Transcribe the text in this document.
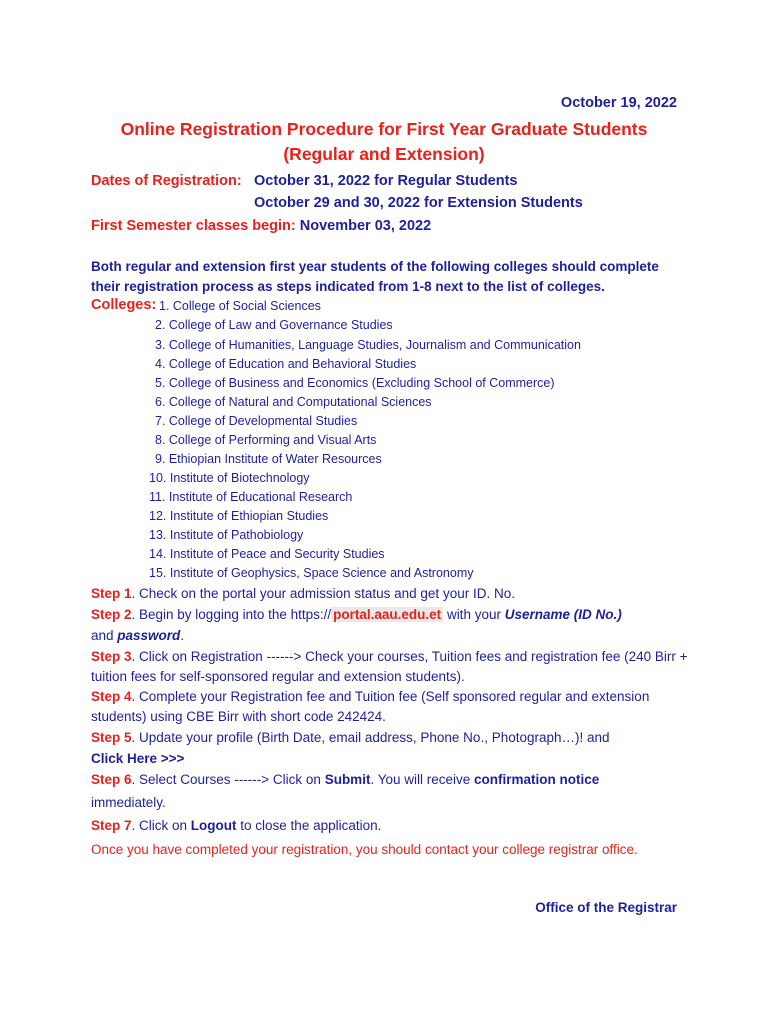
October 19, 2022
Online Registration Procedure for First Year Graduate Students
(Regular and Extension)
Dates of Registration: October 31, 2022 for Regular Students
October 29 and 30, 2022 for Extension Students
First Semester classes begin: November 03, 2022
Both regular and extension first year students of the following colleges should complete their registration process as steps indicated from 1-8 next to the list of colleges.
Colleges: 1. College of Social Sciences
2. College of Law and Governance Studies
3. College of Humanities, Language Studies, Journalism and Communication
4. College of Education and Behavioral Studies
5. College of Business and Economics (Excluding School of Commerce)
6. College of Natural and Computational Sciences
7. College of Developmental Studies
8. College of Performing and Visual Arts
9. Ethiopian Institute of Water Resources
10. Institute of Biotechnology
11. Institute of Educational Research
12. Institute of Ethiopian Studies
13. Institute of Pathobiology
14. Institute of Peace and Security Studies
15. Institute of Geophysics, Space Science and Astronomy
Step 1. Check on the portal your admission status and get your ID. No.
Step 2. Begin by logging into the https:// portal.aau.edu.et with your Username (ID No.)
and password.
Step 3. Click on Registration ------> Check your courses, Tuition fees and registration fee (240 Birr + tuition fees for self-sponsored regular and extension students).
Step 4. Complete your Registration fee and Tuition fee (Self sponsored regular and extension students) using CBE Birr with short code 242424.
Step 5. Update your profile (Birth Date, email address, Phone No., Photograph…)! and
Click Here >>>
Step 6. Select Courses ------> Click on Submit. You will receive confirmation notice
immediately.
Step 7. Click on Logout to close the application.
Once you have completed your registration, you should contact your college registrar office.
Office of the Registrar
